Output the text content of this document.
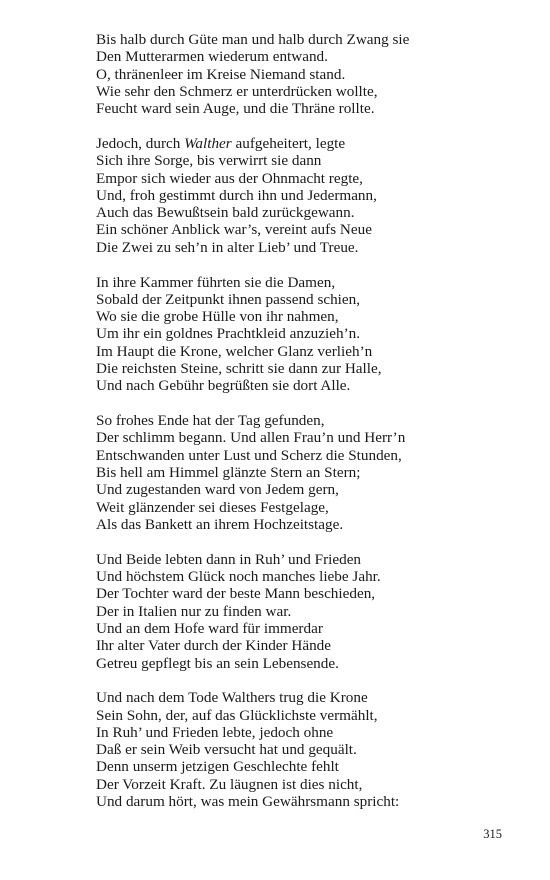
Bis halb durch Güte man und halb durch Zwang sie
Den Mutterarmen wiederum entwand.
O, thränenleer im Kreise Niemand stand.
Wie sehr den Schmerz er unterdrücken wollte,
Feucht ward sein Auge, und die Thräne rollte.
Jedoch, durch Walther aufgeheitert, legte
Sich ihre Sorge, bis verwirrt sie dann
Empor sich wieder aus der Ohnmacht regte,
Und, froh gestimmt durch ihn und Jedermann,
Auch das Bewußtsein bald zurückgewann.
Ein schöner Anblick war’s, vereint aufs Neue
Die Zwei zu seh’n in alter Lieb’ und Treue.
In ihre Kammer führten sie die Damen,
Sobald der Zeitpunkt ihnen passend schien,
Wo sie die grobe Hülle von ihr nahmen,
Um ihr ein goldnes Prachtkleid anzuzieh’n.
Im Haupt die Krone, welcher Glanz verlieh’n
Die reichsten Steine, schritt sie dann zur Halle,
Und nach Gebühr begrüßten sie dort Alle.
So frohes Ende hat der Tag gefunden,
Der schlimm begann. Und allen Frau’n und Herr’n
Entschwanden unter Lust und Scherz die Stunden,
Bis hell am Himmel glänzte Stern an Stern;
Und zugestanden ward von Jedem gern,
Weit glänzender sei dieses Festgelage,
Als das Bankett an ihrem Hochzeitstage.
Und Beide lebten dann in Ruh’ und Frieden
Und höchstem Glück noch manches liebe Jahr.
Der Tochter ward der beste Mann beschieden,
Der in Italien nur zu finden war.
Und an dem Hofe ward für immerdar
Ihr alter Vater durch der Kinder Hände
Getreu gepflegt bis an sein Lebensende.
Und nach dem Tode Walthers trug die Krone
Sein Sohn, der, auf das Glücklichste vermählt,
In Ruh’ und Frieden lebte, jedoch ohne
Daß er sein Weib versucht hat und gequält.
Denn unserm jetzigen Geschlechte fehlt
Der Vorzeit Kraft. Zu läugnen ist dies nicht,
Und darum hört, was mein Gewährsmann spricht:
315
